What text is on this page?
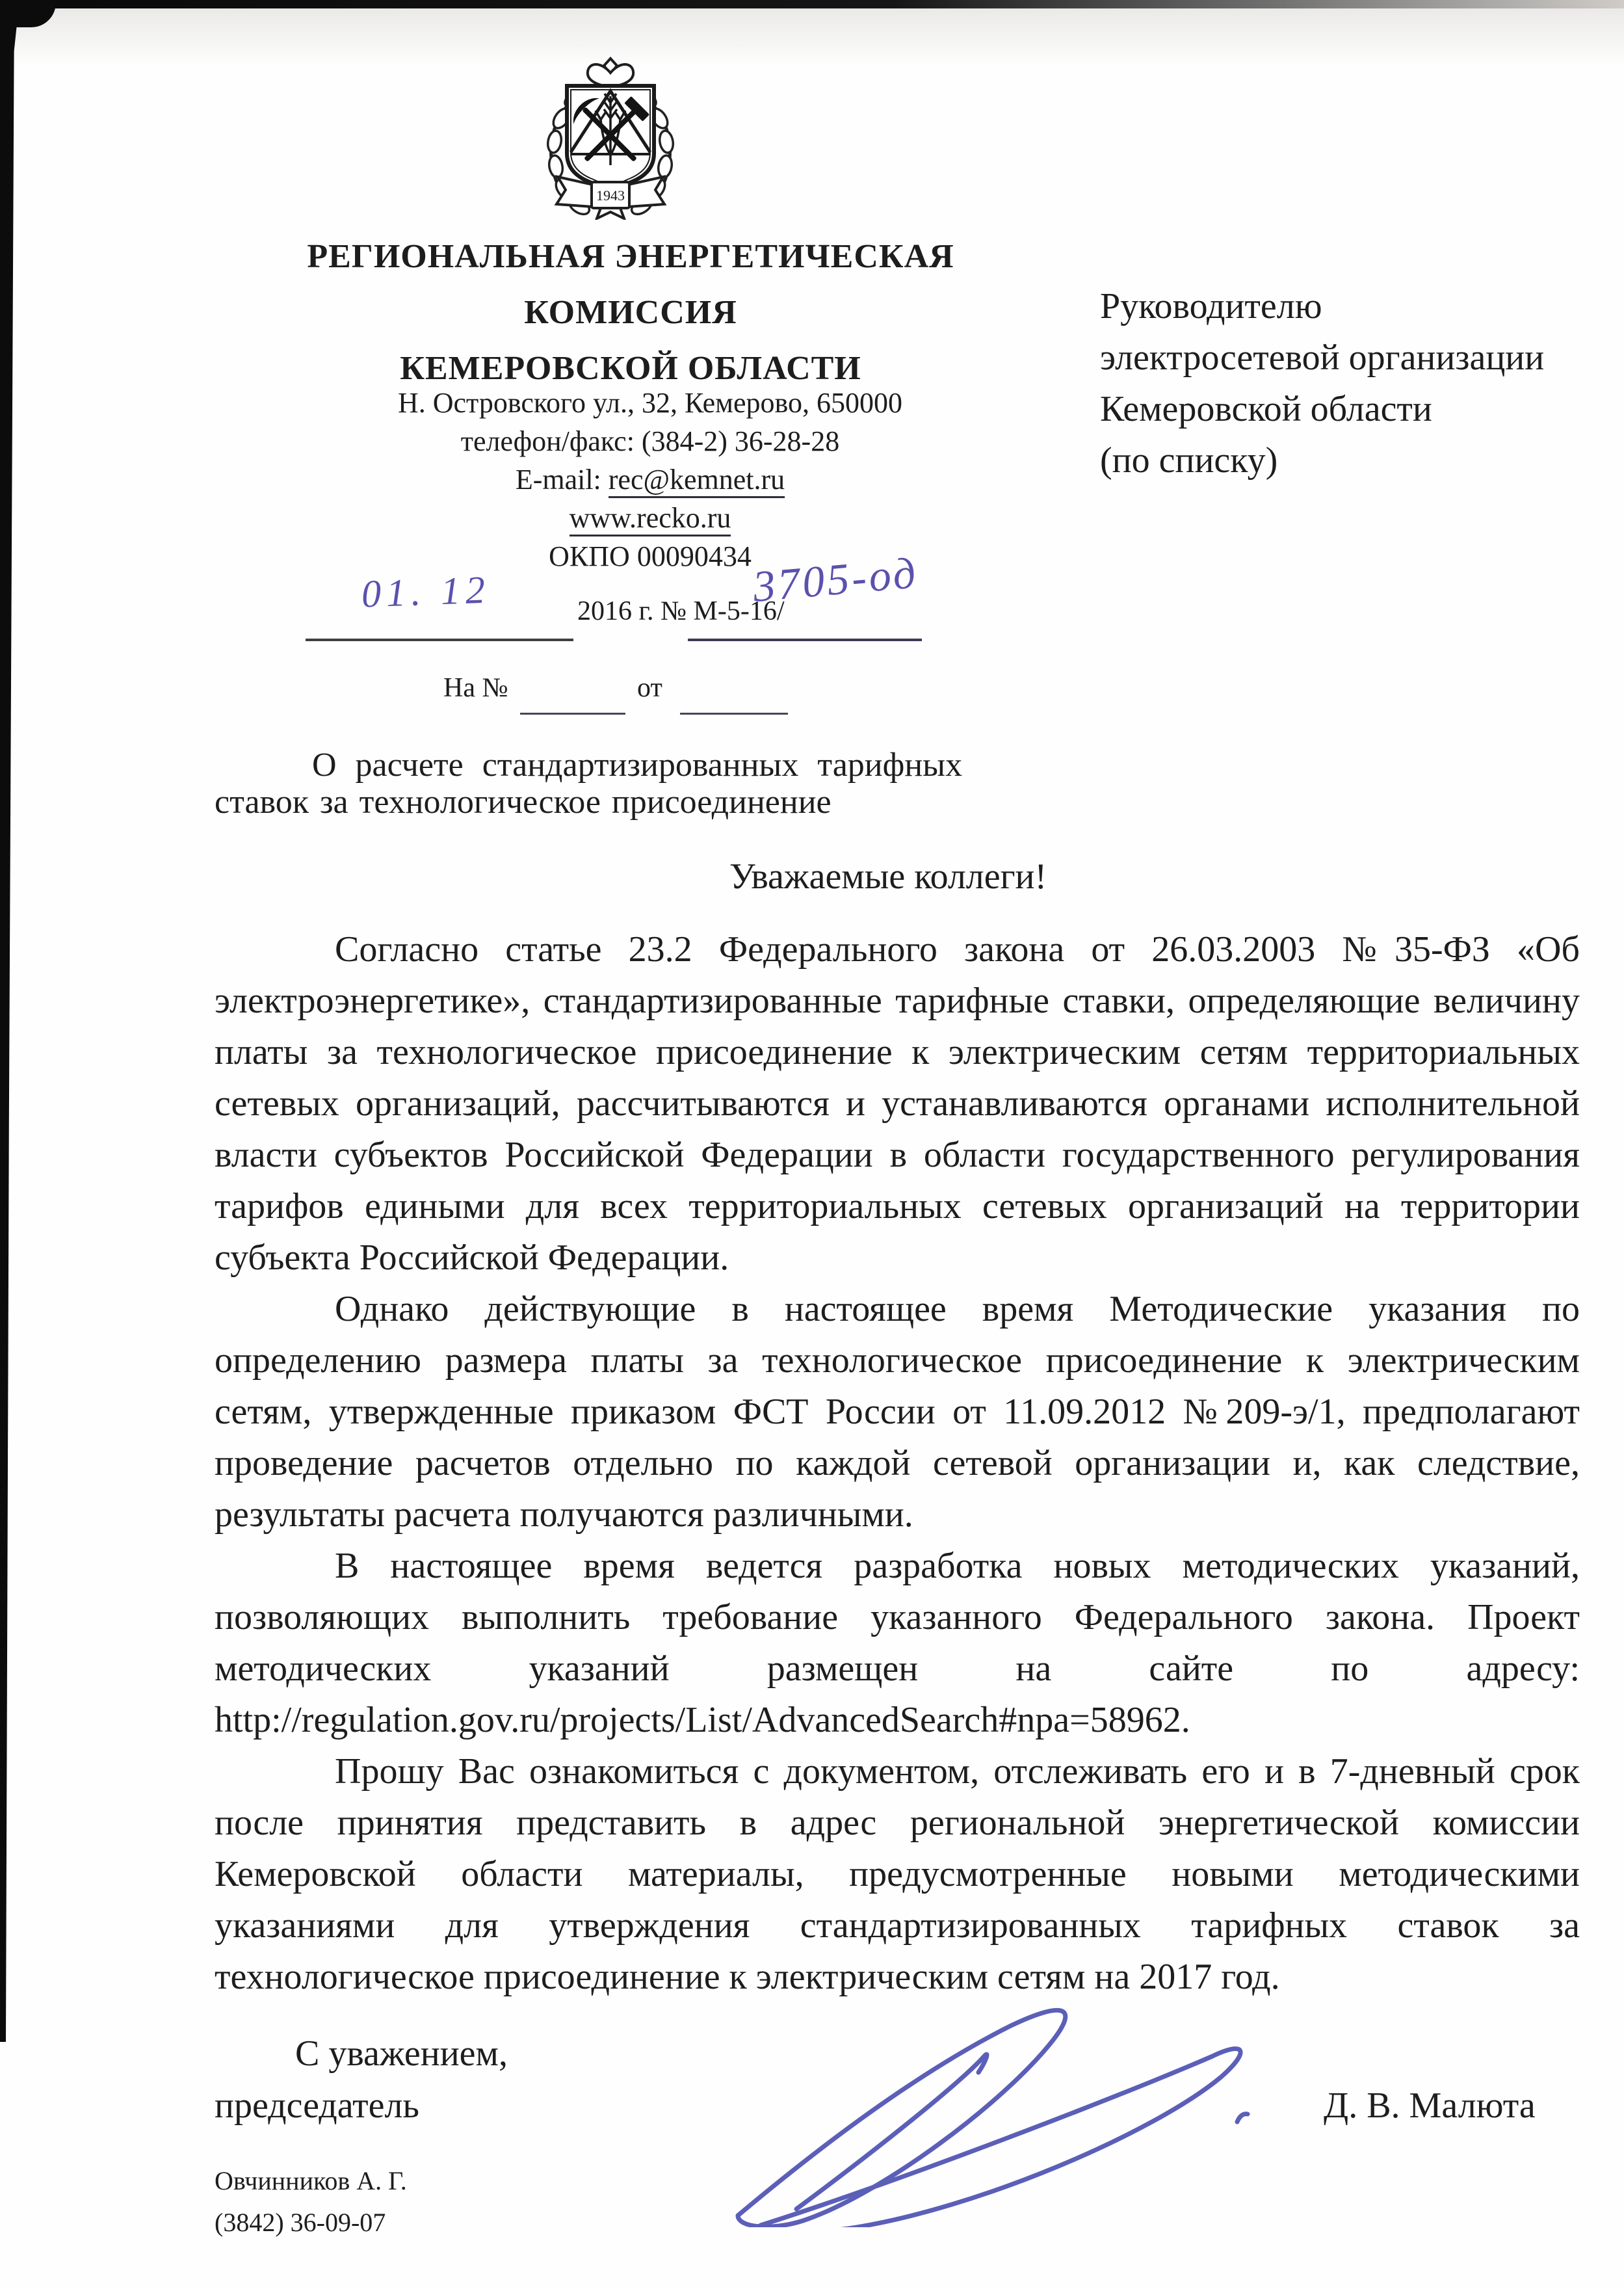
1943
РЕГИОНАЛЬНАЯ ЭНЕРГЕТИЧЕСКАЯ
КОМИССИЯ
КЕМЕРОВСКОЙ ОБЛАСТИ
Н. Островского ул., 32, Кемерово, 650000
телефон/факс: (384-2) 36-28-28
E-mail: rec@kemnet.ru
www.recko.ru
ОКПО 00090434
Руководителю
электросетевой организации
Кемеровской области
(по списку)
01. 12	2016 г. № М-5-16/
3705-од
На №	от

О расчете стандартизированных тарифных

ставок за технологическое присоединение

Уважаемые коллеги!

Согласно статье 23.2 Федерального закона от 26.03.2003 №35-ФЗ «Об электроэнергетике», стандартизированные тарифные ставки, определяющие величину платы за технологическое присоединение к электрическим сетям территориальных сетевых организаций, рассчитываются и устанавливаются органами исполнительной власти субъектов Российской Федерации в области государственного регулирования тарифов едиными для всех территориальных сетевых организаций на территории субъекта Российской Федерации.

Однако действующие в настоящее время Методические указания по определению размера платы за технологическое присоединение к электрическим сетям, утвержденные приказом ФСТ России от 11.09.2012 №209-э/1, предполагают проведение расчетов отдельно по каждой сетевой организации и, как следствие, результаты расчета получаются различными.

В настоящее время ведется разработка новых методических указаний, позволяющих выполнить требование указанного Федерального закона. Проект методических указаний размещен на сайте по адресу: http://regulation.gov.ru/projects/List/AdvancedSearch#npa=58962.

Прошу Вас ознакомиться с документом, отслеживать его и в 7-дневный срок после принятия представить в адрес региональной энергетической комиссии Кемеровской области материалы, предусмотренные новыми методическими указаниями для утверждения стандартизированных тарифных ставок за технологическое присоединение к электрическим сетям на 2017 год.

С уважением,
председатель	Д. В. Малюта
Овчинников А. Г.
(3842) 36-09-07
